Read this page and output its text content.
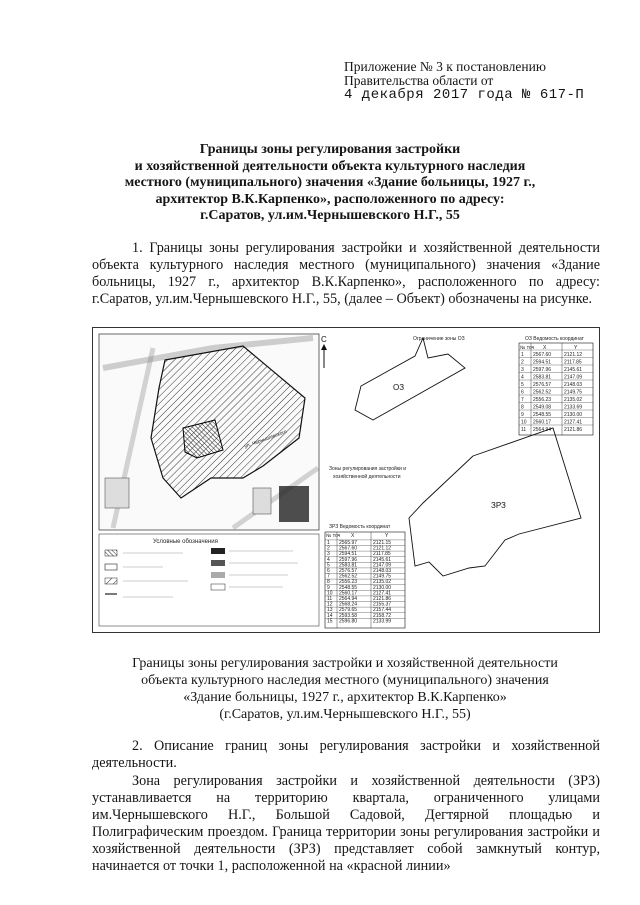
Приложение № 3 к постановлению
Правительства области от
4 декабря 2017 года № 617-П
Границы зоны регулирования застройки
и хозяйственной деятельности объекта культурного наследия
местного (муниципального) значения «Здание больницы, 1927 г.,
архитектор В.К.Карпенко», расположенного по адресу:
г.Саратов, ул.им.Чернышевского Н.Г., 55
1. Границы зоны регулирования застройки и хозяйственной деятельности объекта культурного наследия местного (муниципального) значения «Здание больницы, 1927 г., архитектор В.К.Карпенко», расположенного по адресу: г.Саратов, ул.им.Чернышевского Н.Г., 55, (далее – Объект) обозначены на рисунке.
ул. Чернышевского
Условные обозначения
С	Ограничение зоны ОЗ
ОЗ
Зоны регулирования застройки и
хозяйственной деятельности
ЗРЗ
ОЗ Ведомость координат
№ точ X	Y
1 2567.60	2121.12
2 2594.51	2117.85
3 2597.96	2145.61
4 2583.81	2147.09
5 2576.57	2148.03
6 2562.52	2149.75
7 2556.23	2135.02
8 2549.08	2133.69
9 2548.55	2130.00
10 2560.17	2127.41
11 2564.94	2121.86
ЗРЗ Ведомость координат
№ точ X	Y
1 2565.97	2121.15
2 2567.60	2121.12
3 2594.51	2117.85
4 2597.96	2145.61
5 2583.81	2147.09
6 2576.57	2148.03
7 2562.52	2149.75
8 2556.23	2135.02
9 2548.55	2130.00
10 2560.17	2127.41
11 2564.94	2121.86
12 2568.24	2155.37
13 2579.65	2157.44
14 2593.58	2158.72
15 2596.80	2133.99
Границы зоны регулирования застройки и хозяйственной деятельности
объекта культурного наследия местного (муниципального) значения
«Здание больницы, 1927 г., архитектор В.К.Карпенко»
(г.Саратов, ул.им.Чернышевского Н.Г., 55)
2. Описание границ зоны регулирования застройки и хозяйственной деятельности.
Зона регулирования застройки и хозяйственной деятельности (ЗРЗ) устанавливается на территорию квартала, ограниченного улицами им.Чернышевского Н.Г., Большой Садовой, Дегтярной площадью и Полиграфическим проездом. Граница территории зоны регулирования застройки и хозяйственной деятельности (ЗРЗ) представляет собой замкнутый контур, начинается от точки 1, расположенной на «красной линии»
